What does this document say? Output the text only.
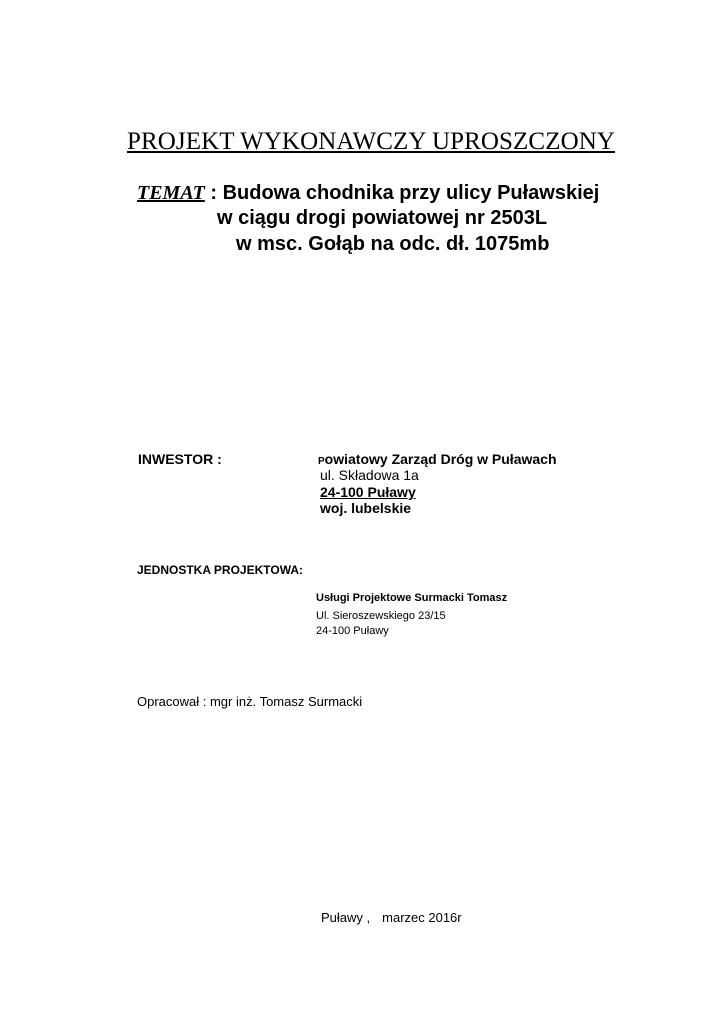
PROJEKT WYKONAWCZY UPROSZCZONY
TEMAT : Budowa chodnika przy ulicy Puławskiej
w ciągu drogi powiatowej nr 2503L
w msc. Gołąb na odc. dł. 1075mb
INWESTOR :	Powiatowy Zarząd Dróg w Puławach
ul. Składowa 1a
24-100 Puławy
woj. lubelskie
JEDNOSTKA PROJEKTOWA:
Usługi Projektowe Surmacki Tomasz
Ul. Sieroszewskiego 23/15
24-100 Puławy
Opracował : mgr inż. Tomasz Surmacki
Puławy , marzec 2016r
